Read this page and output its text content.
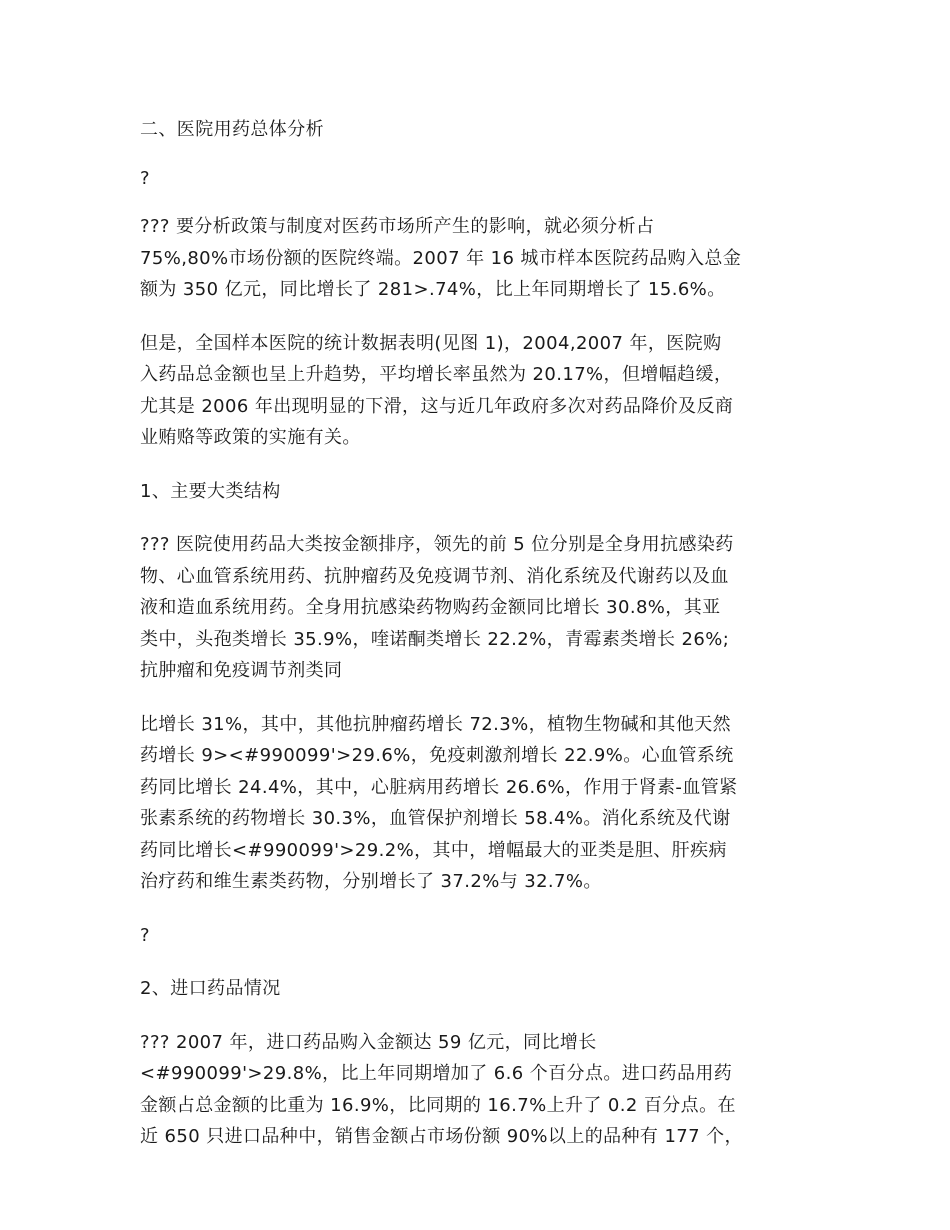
二、医院用药总体分析

?

??? 要分析政策与制度对医药市场所产生的影响，就必须分析占
75%,80%市场份额的医院终端。2007 年 16 城市样本医院药品购入总金
额为 350 亿元，同比增长了 281>.74%，比上年同期增长了 15.6%。

但是，全国样本医院的统计数据表明(见图 1)，2004,2007 年，医院购
入药品总金额也呈上升趋势，平均增长率虽然为 20.17%，但增幅趋缓，
尤其是 2006 年出现明显的下滑，这与近几年政府多次对药品降价及反商
业贿赂等政策的实施有关。

1、主要大类结构

??? 医院使用药品大类按金额排序，领先的前 5 位分别是全身用抗感染药
物、心血管系统用药、抗肿瘤药及免疫调节剂、消化系统及代谢药以及血
液和造血系统用药。全身用抗感染药物购药金额同比增长 30.8%，其亚
类中，头孢类增长 35.9%，喹诺酮类增长 22.2%，青霉素类增长 26%;
抗肿瘤和免疫调节剂类同

比增长 31%，其中，其他抗肿瘤药增长 72.3%，植物生物碱和其他天然
药增长 9><#990099'>29.6%，免疫刺激剂增长 22.9%。心血管系统
药同比增长 24.4%，其中，心脏病用药增长 26.6%，作用于肾素-血管紧
张素系统的药物增长 30.3%，血管保护剂增长 58.4%。消化系统及代谢
药同比增长<#990099'>29.2%，其中，增幅最大的亚类是胆、肝疾病
治疗药和维生素类药物，分别增长了 37.2%与 32.7%。

?

2、进口药品情况

??? 2007 年，进口药品购入金额达 59 亿元，同比增长
<#990099'>29.8%，比上年同期增加了 6.6 个百分点。进口药品用药
金额占总金额的比重为 16.9%，比同期的 16.7%上升了 0.2 百分点。在
近 650 只进口品种中，销售金额占市场份额 90%以上的品种有 177 个，
